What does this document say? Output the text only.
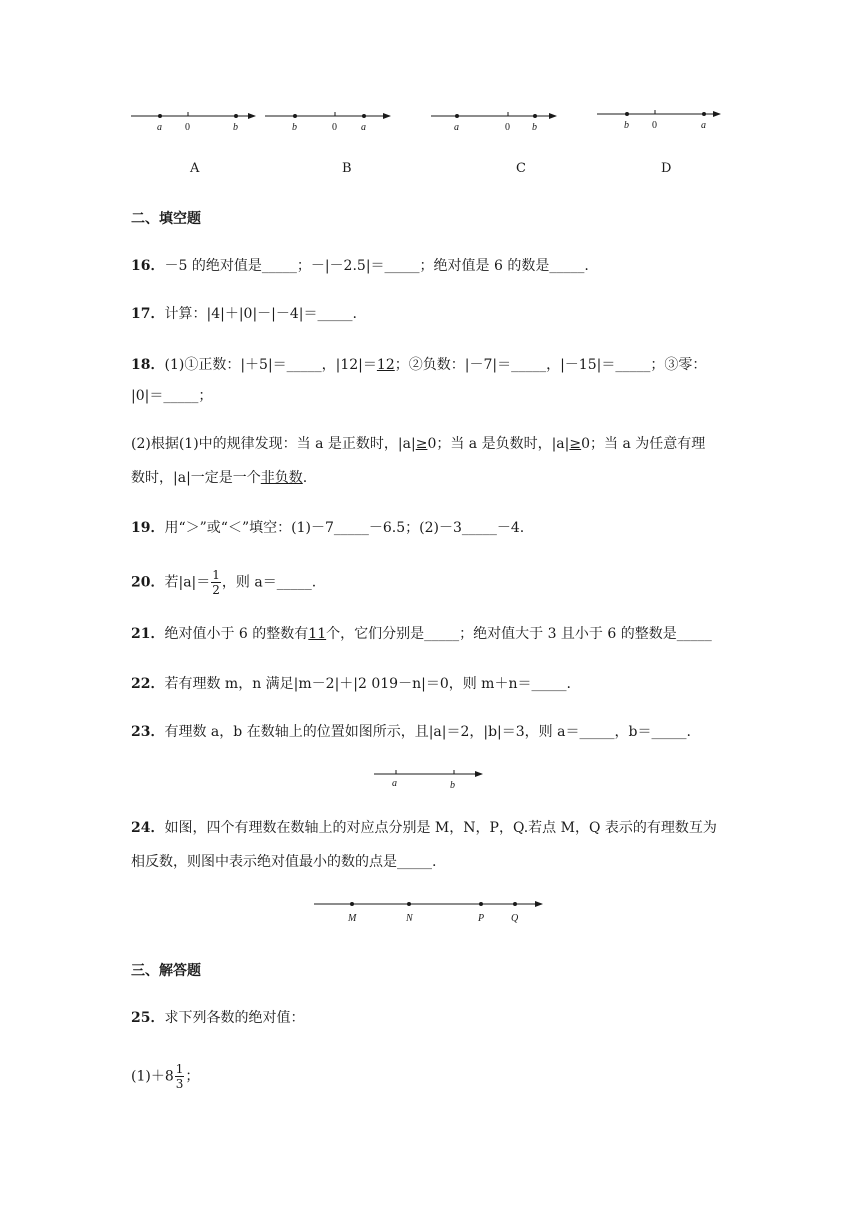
a 0	b	b	0 a	a	0 b	b 0	a
A	B	C	D
二、填空题
16．－5 的绝对值是_____；－|－2.5|＝_____；绝对值是 6 的数是_____.
17．计算：|4|＋|0|－|－4|＝_____.
18．(1)①正数：|＋5|＝_____，|12|＝12；②负数：|－7|＝_____，|－15|＝_____；③零：
|0|＝_____；
(2)根据(1)中的规律发现：当 a 是正数时，|a|≥0；当 a 是负数时，|a|≥0；当 a 为任意有理
数时，|a|一定是一个非负数.
19．用“＞”或“＜”填空：(1)－7_____－6.5；(2)－3_____－4.
20．若$|a|= \frac{1}{2}$ ，则 a＝_____.
21．绝对值小于 6 的整数有11个，它们分别是_____；绝对值大于 3 且小于 6 的整数是_____
22．若有理数 m，n 满足|m－2|＋|2 019－n|＝0，则 m＋n＝_____.
23．有理数 a，b 在数轴上的位置如图所示，且|a|＝2，|b|＝3，则 a＝_____，b＝_____.
a	b
24．如图，四个有理数在数轴上的对应点分别是 M，N，P，Q.若点 M，Q 表示的有理数互为
相反数，则图中表示绝对值最小的数的点是_____.
M	N	P	Q
三、解答题
25．求下列各数的绝对值：
$(1)+8 \frac{1}{3}$ ；
